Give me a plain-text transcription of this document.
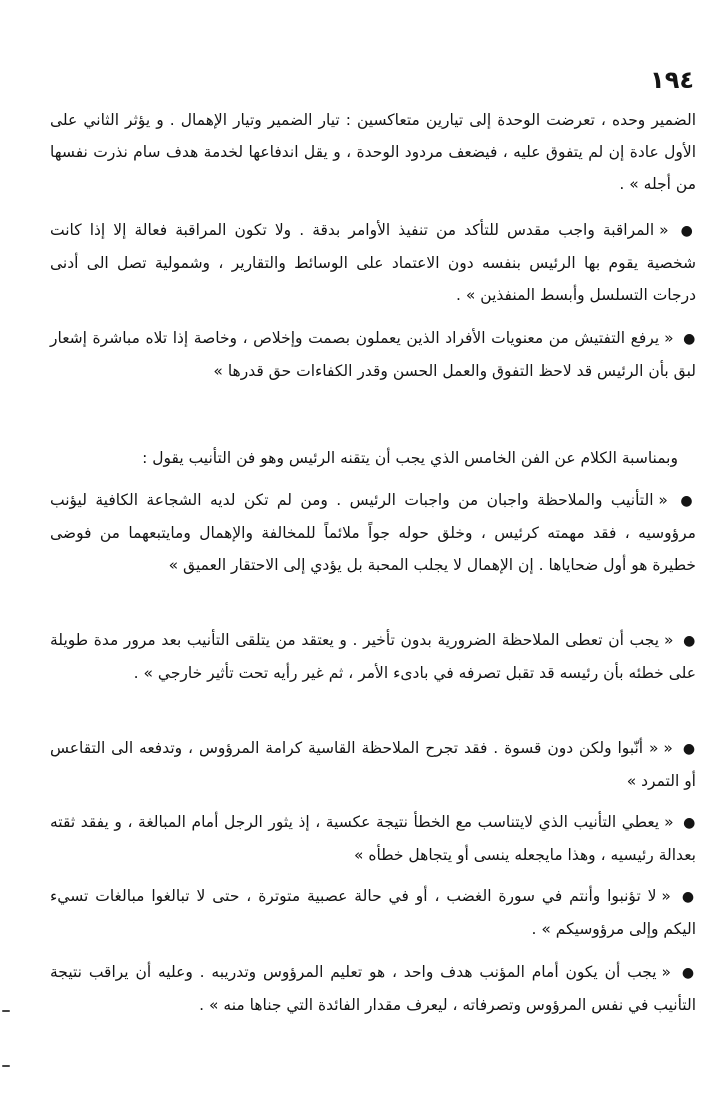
١٩٤

الضمير وحده ، تعرضت الوحدة إلى تيارين متعاكسين : تيار الضمير وتيار الإهمال . و يؤثر الثاني على الأول عادة إن لم يتفوق عليه ، فيضعف مردود الوحدة ، و يقل اندفاعها لخدمة هدف سام نذرت نفسها من أجله » .

● « المراقبة واجب مقدس للتأكد من تنفيذ الأوامر بدقة . ولا تكون المراقبة فعالة إلا إذا كانت شخصية يقوم بها الرئيس بنفسه دون الاعتماد على الوسائط والتقارير ، وشمولية تصل الى أدنى درجات التسلسل وأبسط المنفذين » .

● « يرفع التفتيش من معنويات الأفراد الذين يعملون بصمت وإخلاص ، وخاصة إذا تلاه مباشرة إشعار لبق بأن الرئيس قد لاحظ التفوق والعمل الحسن وقدر الكفاءات حق قدرها »

وبمناسبة الكلام عن الفن الخامس الذي يجب أن يتقنه الرئيس وهو فن التأنيب يقول :

● « التأنيب والملاحظة واجبان من واجبات الرئيس . ومن لم تكن لديه الشجاعة الكافية ليؤنب مرؤوسيه ، فقد مهمته كرئيس ، وخلق حوله جواً ملائماً للمخالفة والإهمال ومايتبعهما من فوضى خطيرة هو أول ضحاياها . إن الإهمال لا يجلب المحبة بل يؤدي إلى الاحتقار العميق »

● « يجب أن تعطى الملاحظة الضرورية بدون تأخير . و يعتقد من يتلقى التأنيب بعد مرور مدة طويلة على خطئه بأن رئيسه قد تقبل تصرفه في بادىء الأمر ، ثم غير رأيه تحت تأثير خارجي » .

● « « أنّبوا ولكن دون قسوة . فقد تجرح الملاحظة القاسية كرامة المرؤوس ، وتدفعه الى التقاعس أو التمرد »

● « يعطي التأنيب الذي لايتناسب مع الخطأ نتيجة عكسية ، إذ يثور الرجل أمام المبالغة ، و يفقد ثقته بعدالة رئيسيه ، وهذا مايجعله ينسى أو يتجاهل خطأه »

● « لا تؤنبوا وأنتم في سورة الغضب ، أو في حالة عصبية متوترة ، حتى لا تبالغوا مبالغات تسيء اليكم وإلى مرؤوسيكم » .

● « يجب أن يكون أمام المؤنب هدف واحد ، هو تعليم المرؤوس وتدريبه . وعليه أن يراقب نتيجة التأنيب في نفس المرؤوس وتصرفاته ، ليعرف مقدار الفائدة التي جناها منه » .
